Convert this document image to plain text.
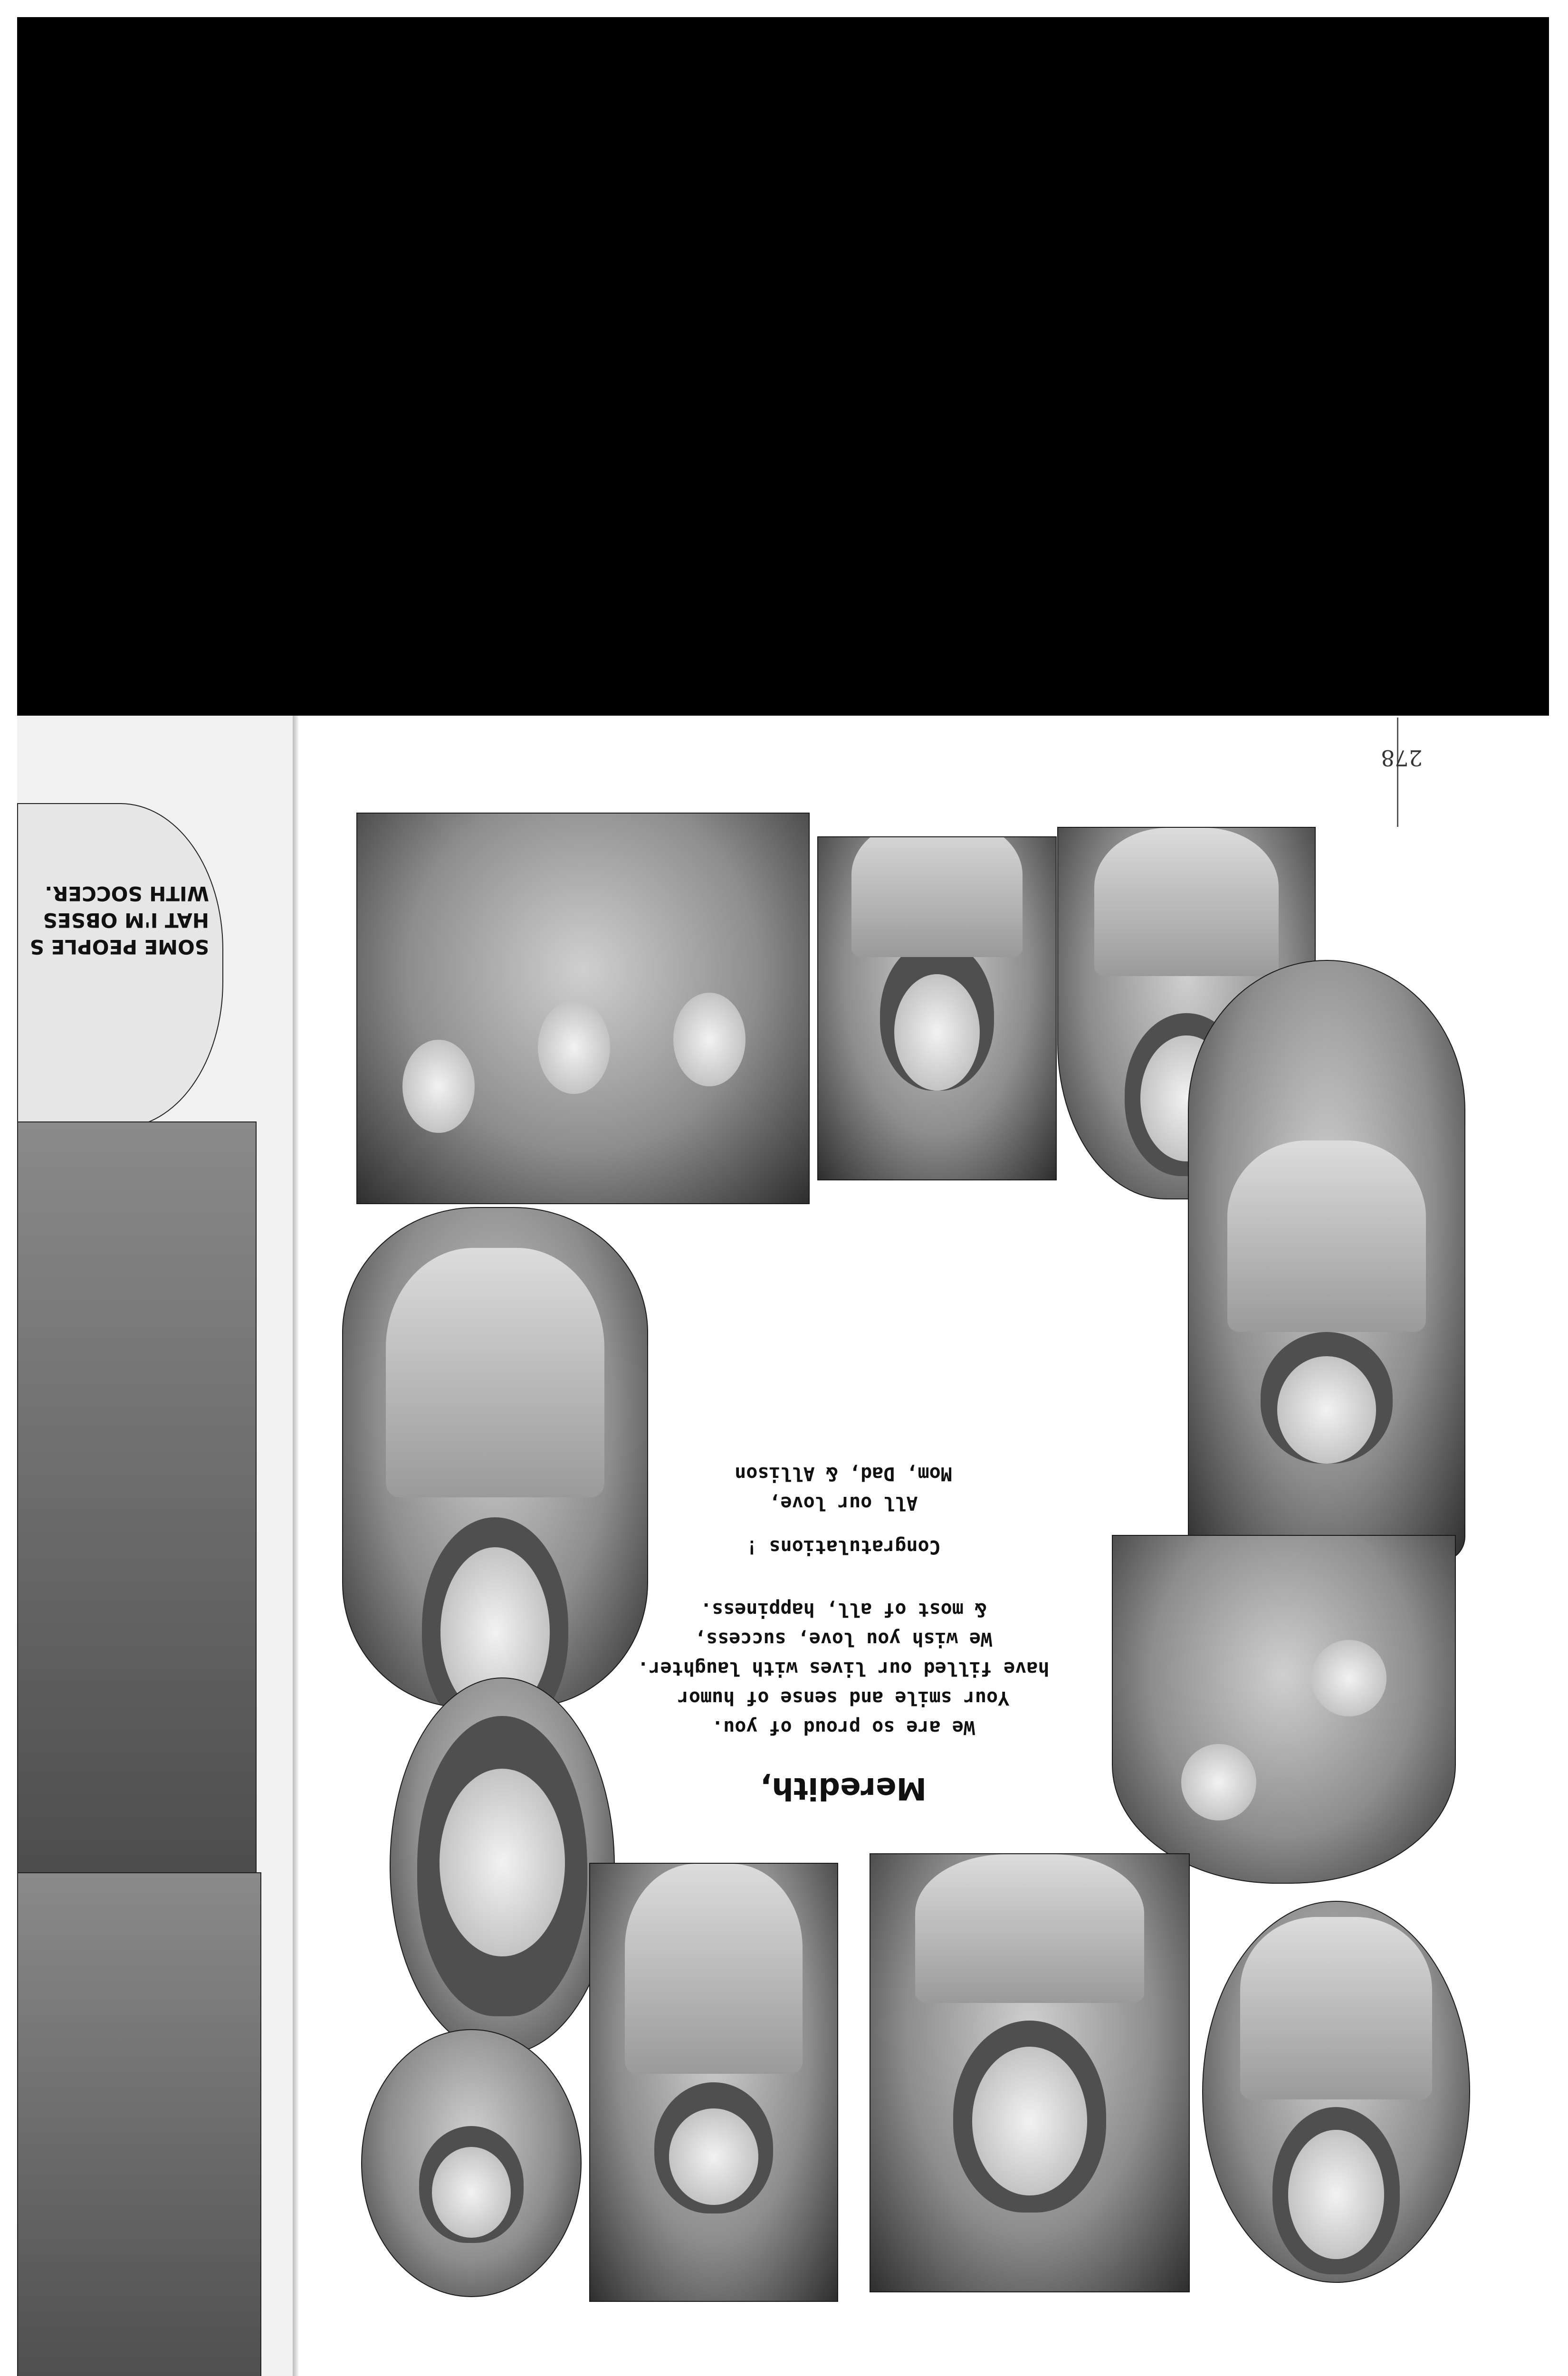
SOME PEOPLE S
HAT I'M OBSES
WITH SOCCER.
278

Meredith,

We are so proud of you.

Your smile and sense of humor

have filled our lives with laughter.

We wish you love, success,

& most of all, happiness.

Congratulations !

All our love,

Mom, Dad, & Allison
